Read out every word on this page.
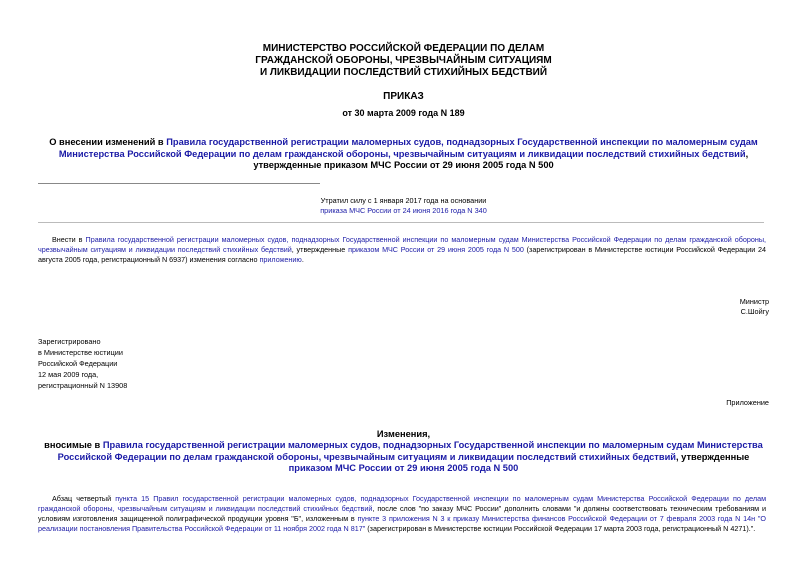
МИНИСТЕРСТВО РОССИЙСКОЙ ФЕДЕРАЦИИ ПО ДЕЛАМ
ГРАЖДАНСКОЙ ОБОРОНЫ, ЧРЕЗВЫЧАЙНЫМ СИТУАЦИЯМ
И ЛИКВИДАЦИИ ПОСЛЕДСТВИЙ СТИХИЙНЫХ БЕДСТВИЙ
ПРИКАЗ
от 30 марта 2009 года N 189
О внесении изменений в Правила государственной регистрации маломерных судов, поднадзорных Государственной инспекции по маломерным судам Министерства Российской Федерации по делам гражданской обороны, чрезвычайным ситуациям и ликвидации последствий стихийных бедствий, утвержденные приказом МЧС России от 29 июня 2005 года N 500
Утратил силу с 1 января 2017 года на основании
приказа МЧС России от 24 июня 2016 года N 340
Внести в Правила государственной регистрации маломерных судов, поднадзорных Государственной инспекции по маломерным судам Министерства Российской Федерации по делам гражданской обороны, чрезвычайным ситуациям и ликвидации последствий стихийных бедствий, утвержденные приказом МЧС России от 29 июня 2005 года N 500 (зарегистрирован в Министерстве юстиции Российской Федерации 24 августа 2005 года, регистрационный N 6937) изменения согласно приложению.
Министр
С.Шойгу
Зарегистрировано
в Министерстве юстиции
Российской Федерации
12 мая 2009 года,
регистрационный N 13908
Приложение
Изменения,
вносимые в Правила государственной регистрации маломерных судов, поднадзорных Государственной инспекции по маломерным судам Министерства Российской Федерации по делам гражданской обороны, чрезвычайным ситуациям и ликвидации последствий стихийных бедствий, утвержденные приказом МЧС России от 29 июня 2005 года N 500
Абзац четвертый пункта 15 Правил государственной регистрации маломерных судов, поднадзорных Государственной инспекции по маломерным судам Министерства Российской Федерации по делам гражданской обороны, чрезвычайным ситуациям и ликвидации последствий стихийных бедствий, после слов "по заказу МЧС России" дополнить словами "и должны соответствовать техническим требованиям и условиям изготовления защищенной полиграфической продукции уровня "Б", изложенным в пункте 3 приложения N 3 к приказу Министерства финансов Российской Федерации от 7 февраля 2003 года N 14н "О реализации постановления Правительства Российской Федерации от 11 ноября 2002 года N 817" (зарегистрирован в Министерстве юстиции Российской Федерации 17 марта 2003 года, регистрационный N 4271).".
